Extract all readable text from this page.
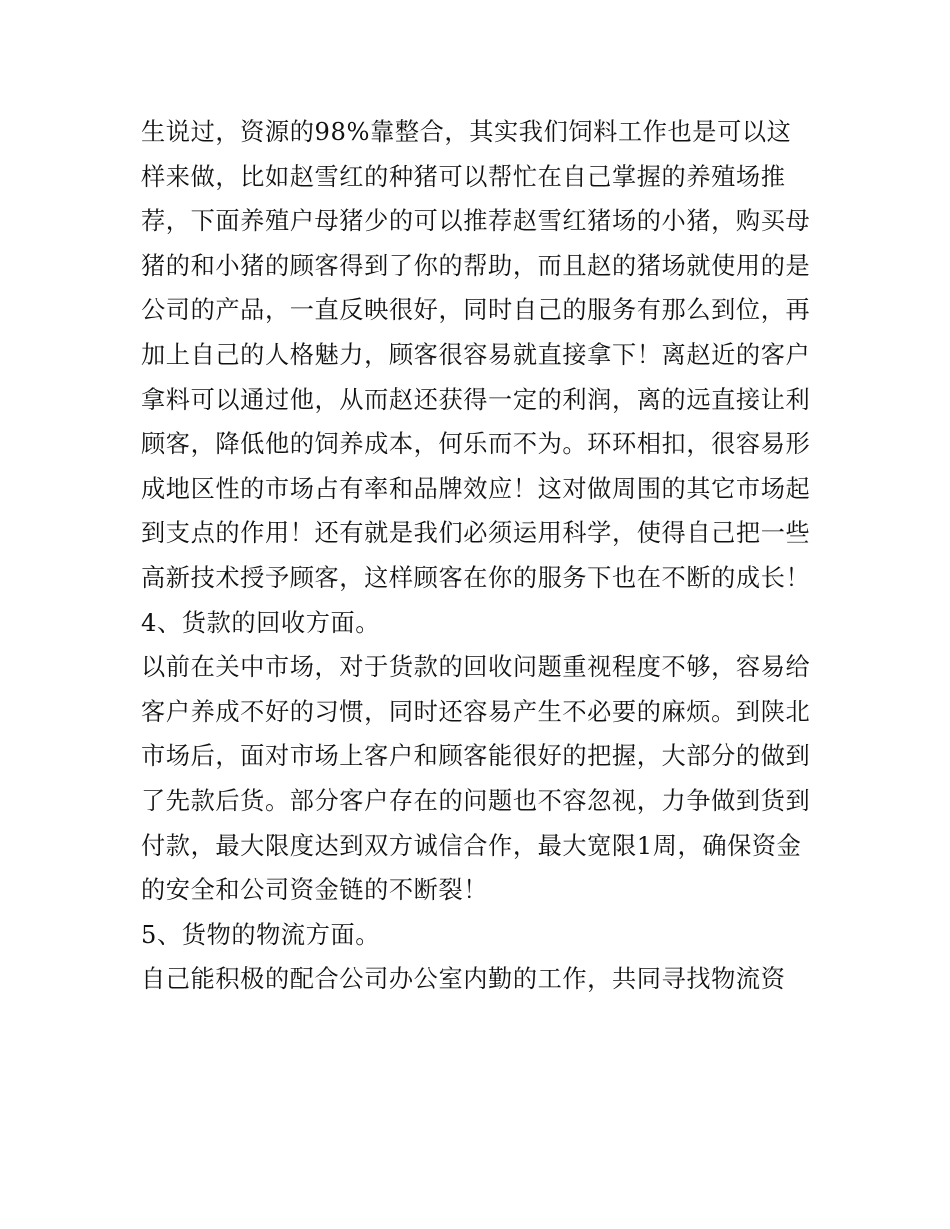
生说过，资源的98%靠整合，其实我们饲料工作也是可以这
样来做，比如赵雪红的种猪可以帮忙在自己掌握的养殖场推
荐，下面养殖户母猪少的可以推荐赵雪红猪场的小猪，购买母
猪的和小猪的顾客得到了你的帮助，而且赵的猪场就使用的是
公司的产品，一直反映很好，同时自己的服务有那么到位，再
加上自己的人格魅力，顾客很容易就直接拿下！离赵近的客户
拿料可以通过他，从而赵还获得一定的利润，离的远直接让利
顾客，降低他的饲养成本，何乐而不为。环环相扣，很容易形
成地区性的市场占有率和品牌效应！这对做周围的其它市场起
到支点的作用！还有就是我们必须运用科学，使得自己把一些
高新技术授予顾客，这样顾客在你的服务下也在不断的成长！
4、货款的回收方面。
以前在关中市场，对于货款的回收问题重视程度不够，容易给
客户养成不好的习惯，同时还容易产生不必要的麻烦。到陕北
市场后，面对市场上客户和顾客能很好的把握，大部分的做到
了先款后货。部分客户存在的问题也不容忽视，力争做到货到
付款，最大限度达到双方诚信合作，最大宽限1周，确保资金
的安全和公司资金链的不断裂！
5、货物的物流方面。
自己能积极的配合公司办公室内勤的工作，共同寻找物流资
